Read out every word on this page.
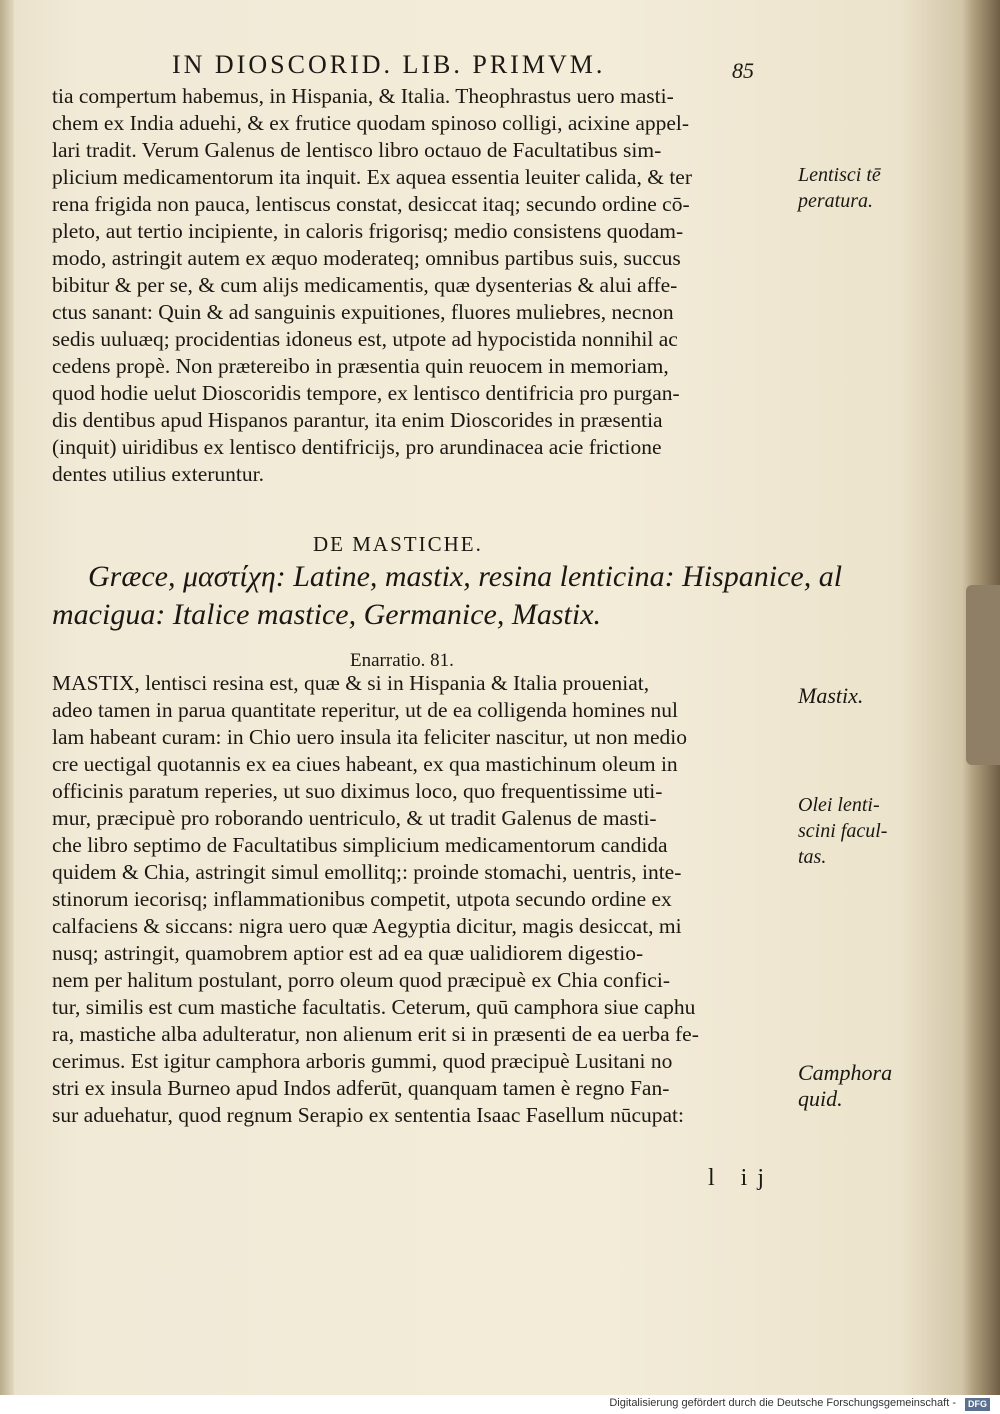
IN DIOSCORID. LIB. PRIMVM.	85
tia compertum habemus, in Hispania, & Italia. Theophrastus uero masti-
chem ex India aduehi, & ex frutice quodam spinoso colligi, acixine appel-
lari tradit. Verum Galenus de lentisco libro octauo de Facultatibus sim-
plicium medicamentorum ita inquit. Ex aquea essentia leuiter calida, & ter
rena frigida non pauca, lentiscus constat, desiccat itaq; secundo ordine cō-
pleto, aut tertio incipiente, in caloris frigorisq; medio consistens quodam-
modo, astringit autem ex æquo moderateq; omnibus partibus suis, succus
bibitur & per se, & cum alijs medicamentis, quæ dysenterias & alui affe-
ctus sanant: Quin & ad sanguinis expuitiones, fluores muliebres, necnon
sedis uuluæq; procidentias idoneus est, utpote ad hypocistida nonnihil ac
cedens propè. Non prætereibo in præsentia quin reuocem in memoriam,
quod hodie uelut Dioscoridis tempore, ex lentisco dentifricia pro purgan-
dis dentibus apud Hispanos parantur, ita enim Dioscorides in præsentia
(inquit) uiridibus ex lentisco dentifricijs, pro arundinacea acie frictione
dentes utilius exteruntur.
DE MASTICHE.
Græce, μαστίχη: Latine, mastix, resina lenticina: Hispanice, al
macigua: Italice mastice, Germanice, Mastix.
Enarratio. 81.
MASTIX, lentisci resina est, quæ & si in Hispania & Italia proueniat,
adeo tamen in parua quantitate reperitur, ut de ea colligenda homines nul
lam habeant curam: in Chio uero insula ita feliciter nascitur, ut non medio
cre uectigal quotannis ex ea ciues habeant, ex qua mastichinum oleum in
officinis paratum reperies, ut suo diximus loco, quo frequentissime uti-
mur, præcipuè pro roborando uentriculo, & ut tradit Galenus de masti-
che libro septimo de Facultatibus simplicium medicamentorum candida
quidem & Chia, astringit simul emollitq;: proinde stomachi, uentris, inte-
stinorum iecorisq; inflammationibus competit, utpota secundo ordine ex
calfaciens & siccans: nigra uero quæ Aegyptia dicitur, magis desiccat, mi
nusq; astringit, quamobrem aptior est ad ea quæ ualidiorem digestio-
nem per halitum postulant, porro oleum quod præcipuè ex Chia confici-
tur, similis est cum mastiche facultatis. Ceterum, quū camphora siue caphu
ra, mastiche alba adulteratur, non alienum erit si in præsenti de ea uerba fe-
cerimus. Est igitur camphora arboris gummi, quod præcipuè Lusitani no
stri ex insula Burneo apud Indos adferūt, quanquam tamen è regno Fan-
sur aduehatur, quod regnum Serapio ex sententia Isaac Fasellum nūcupat:
Lentisci tē
peratura.
Mastix.
Olei lenti-
scini facul-
tas.
Camphora
quid.
l ij
Digitalisierung gefördert durch die Deutsche Forschungsgemeinschaft -	DFG
